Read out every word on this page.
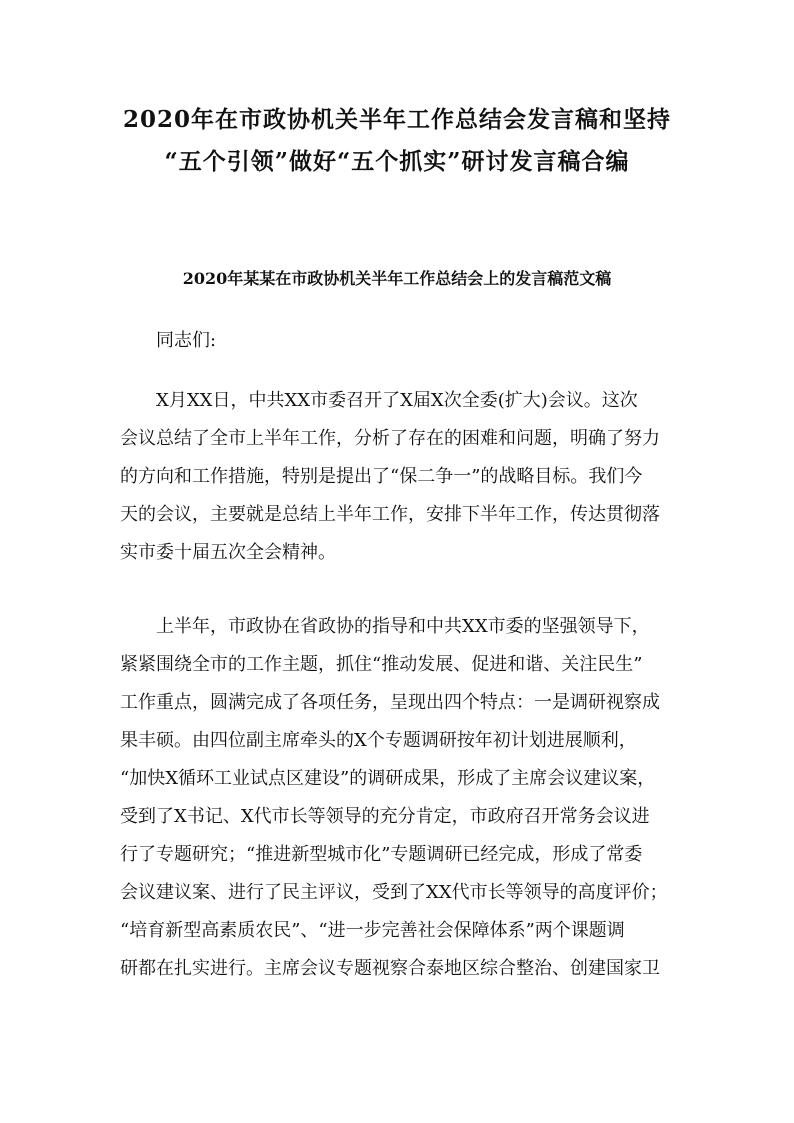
2020年在市政协机关半年工作总结会发言稿和坚持
“五个引领”做好“五个抓实”研讨发言稿合编
2020年某某在市政协机关半年工作总结会上的发言稿范文稿

同志们:

X月XX日，中共XX市委召开了X届X次全委(扩大)会议。这次
会议总结了全市上半年工作，分析了存在的困难和问题，明确了努力
的方向和工作措施，特别是提出了“保二争一”的战略目标。我们今
天的会议，主要就是总结上半年工作，安排下半年工作，传达贯彻落
实市委十届五次全会精神。
上半年，市政协在省政协的指导和中共XX市委的坚强领导下，
紧紧围绕全市的工作主题，抓住“推动发展、促进和谐、关注民生”
工作重点，圆满完成了各项任务，呈现出四个特点：一是调研视察成
果丰硕。由四位副主席牵头的X个专题调研按年初计划进展顺利，
“加快X循环工业试点区建设”的调研成果，形成了主席会议建议案，
受到了X书记、X代市长等领导的充分肯定，市政府召开常务会议进
行了专题研究；“推进新型城市化”专题调研已经完成，形成了常委
会议建议案、进行了民主评议，受到了XX代市长等领导的高度评价；
“培育新型高素质农民”、“进一步完善社会保障体系”两个课题调
研都在扎实进行。主席会议专题视察合泰地区综合整治、创建国家卫
